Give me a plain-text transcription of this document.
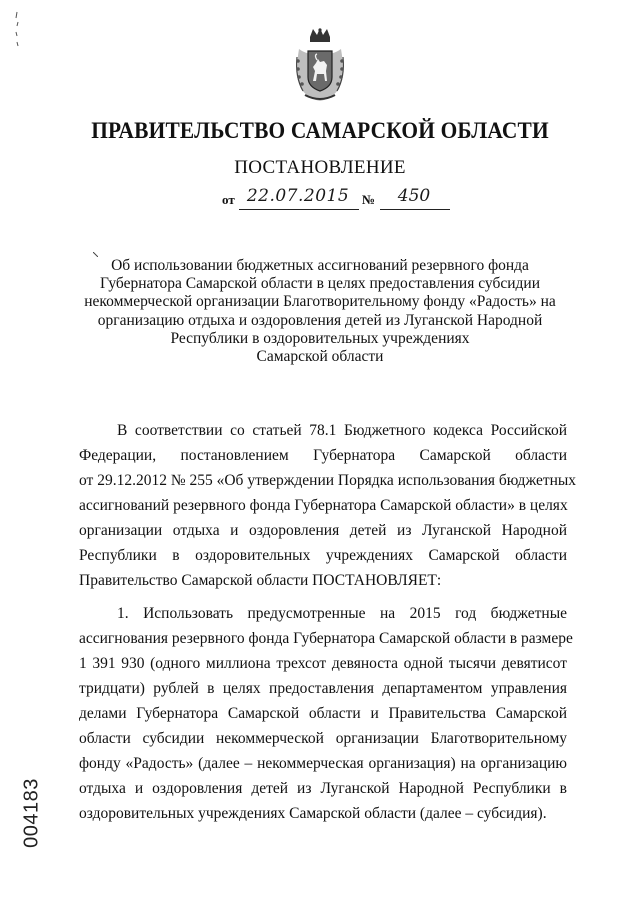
ПРАВИТЕЛЬСТВО САМАРСКОЙ ОБЛАСТИ
ПОСТАНОВЛЕНИЕ
от 22.07.2015 №	450
Об использовании бюджетных ассигнований резервного фонда
Губернатора Самарской области в целях предоставления субсидии
некоммерческой организации Благотворительному фонду «Радость» на
организацию отдыха и оздоровления детей из Луганской Народной
Республики в оздоровительных учреждениях
Самарской области
В соответствии со статьей 78.1 Бюджетного кодекса Российской
Федерации, постановлением Губернатора Самарской области
от 29.12.2012 № 255 «Об утверждении Порядка использования бюджетных
ассигнований резервного фонда Губернатора Самарской области» в целях
организации отдыха и оздоровления детей из Луганской Народной
Республики в оздоровительных учреждениях Самарской области
Правительство Самарской области ПОСТАНОВЛЯЕТ:
1. Использовать предусмотренные на 2015 год бюджетные
ассигнования резервного фонда Губернатора Самарской области в размере
1 391 930 (одного миллиона трехсот девяноста одной тысячи девятисот
тридцати) рублей в целях предоставления департаментом управления
делами Губернатора Самарской области и Правительства Самарской
области субсидии некоммерческой организации Благотворительному
фонду «Радость» (далее – некоммерческая организация) на организацию
отдыха и оздоровления детей из Луганской Народной Республики в
оздоровительных учреждениях Самарской области (далее – субсидия).
004183
